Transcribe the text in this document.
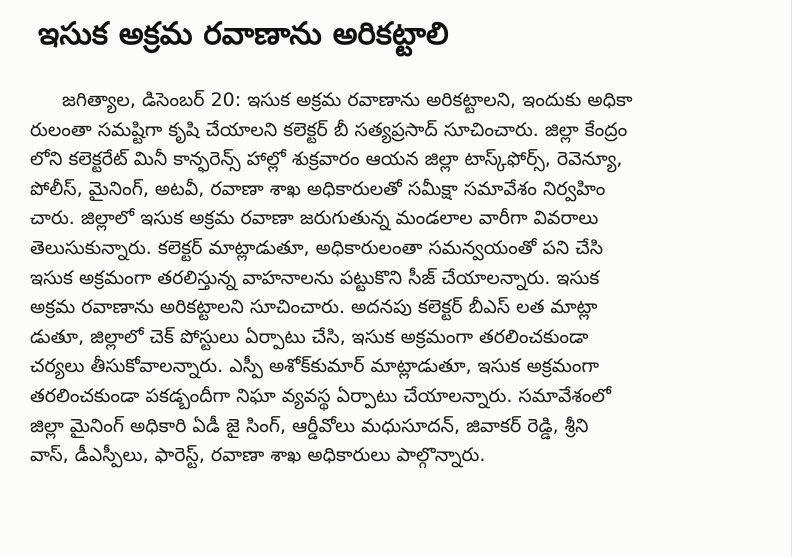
ఇసుక అక్రమ రవాణాను అరికట్టాలి
జగిత్యాల, డిసెంబర్ 20: ఇసుక అక్రమ రవాణాను అరికట్టాలని, ఇందుకు అధికా
రులంతా సమష్టిగా కృషి చేయాలని కలెక్టర్ బీ సత్యప్రసాద్ సూచించారు. జిల్లా కేంద్రం
లోని కలెక్టరేట్ మినీ కాన్ఫరెన్స్ హాల్లో శుక్రవారం ఆయన జిల్లా టాస్క్‌ఫోర్స్, రెవెన్యూ,
పోలీస్, మైనింగ్, అటవీ, రవాణా శాఖ అధికారులతో సమీక్షా సమావేశం నిర్వహిం
చారు. జిల్లాలో ఇసుక అక్రమ రవాణా జరుగుతున్న మండలాల వారీగా వివరాలు
తెలుసుకున్నారు. కలెక్టర్ మాట్లాడుతూ, అధికారులంతా సమన్వయంతో పని చేసి
ఇసుక అక్రమంగా తరలిస్తున్న వాహనాలను పట్టుకొని సీజ్ చేయాలన్నారు. ఇసుక
అక్రమ రవాణాను అరికట్టాలని సూచించారు. అదనపు కలెక్టర్ బీఎస్ లత మాట్లా
డుతూ, జిల్లాలో చెక్ పోస్టులు ఏర్పాటు చేసి, ఇసుక అక్రమంగా తరలించకుండా
చర్యలు తీసుకోవాలన్నారు. ఎస్పీ అశోక్‌కుమార్ మాట్లాడుతూ, ఇసుక అక్రమంగా
తరలించకుండా పకడ్బందీగా నిఘా వ్యవస్థ ఏర్పాటు చేయాలన్నారు. సమావేశంలో
జిల్లా మైనింగ్ అధికారి ఏడీ జై సింగ్, ఆర్డీవోలు మధుసూదన్, జివాకర్ రెడ్డి, శ్రీని
వాస్, డీఎస్పీలు, ఫారెస్ట్, రవాణా శాఖ అధికారులు పాల్గొన్నారు.
